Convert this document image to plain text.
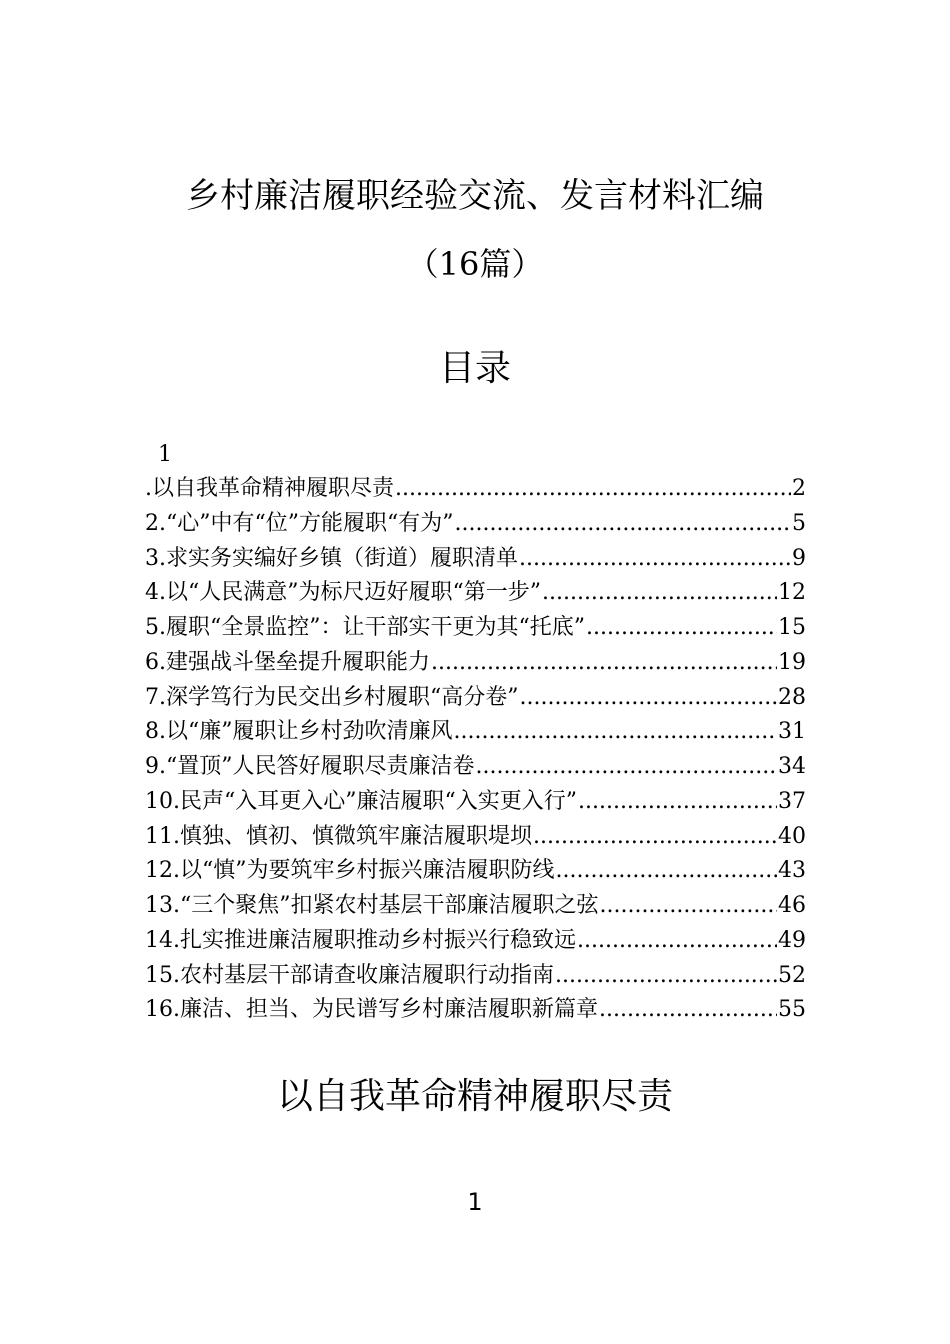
乡村廉洁履职经验交流、发言材料汇编
（16篇）
目录
1
.以自我革命精神履职尽责 .....	2
2.“心”中有“位”方能履职“有为” .....	5
3.求实务实编好乡镇（街道）履职清单 .....	9
4.以“人民满意”为标尺迈好履职“第一步” .....	12
5.履职“全景监控”：让干部实干更为其“托底” .....	15
6.建强战斗堡垒提升履职能力 .....	19
7.深学笃行为民交出乡村履职“高分卷” .....	28
8.以“廉”履职让乡村劲吹清廉风 .....	31
9.“置顶”人民答好履职尽责廉洁卷 .....	34
10.民声“入耳更入心”廉洁履职“入实更入行” .....	37
11.慎独、慎初、慎微筑牢廉洁履职堤坝 .....	40
12.以“慎”为要筑牢乡村振兴廉洁履职防线 .....	43
13.“三个聚焦”扣紧农村基层干部廉洁履职之弦 .....	46
14.扎实推进廉洁履职推动乡村振兴行稳致远 .....	49
15.农村基层干部请查收廉洁履职行动指南 .....	52
16.廉洁、担当、为民谱写乡村廉洁履职新篇章 .....	55
以自我革命精神履职尽责
1
